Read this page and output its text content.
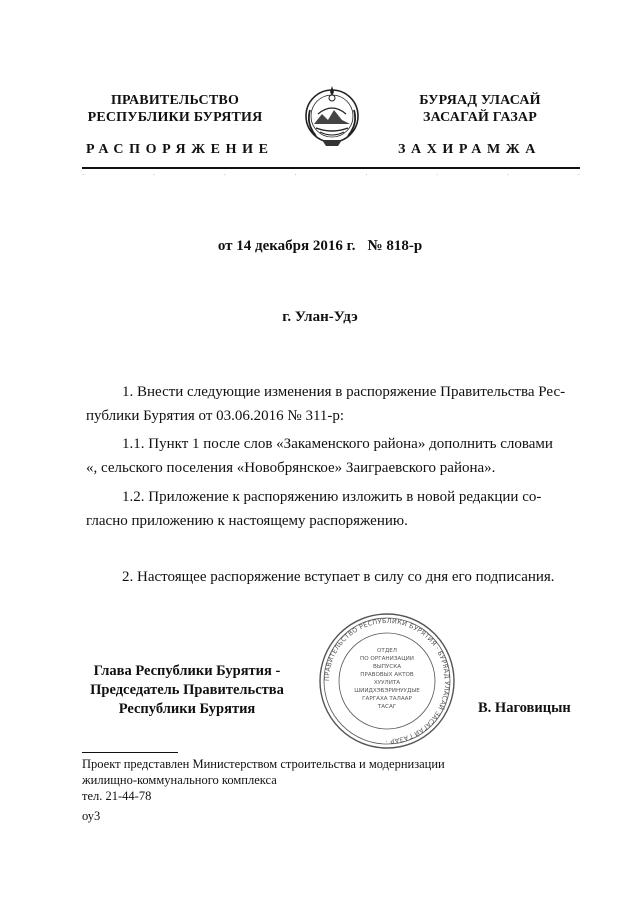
ПРАВИТЕЛЬСТВО
РЕСПУБЛИКИ БУРЯТИЯ
БУРЯАД УЛАСАЙ
ЗАСАГАЙ ГАЗАР
РАСПОРЯЖЕНИЕ	ЗАХИРАМЖА
·	·	·	·	·	·	·	·
от 14 декабря 2016 г. № 818-р
г. Улан-Удэ
1. Внести следующие изменения в распоряжение Правительства Рес-
публики Бурятия от 03.06.2016 № 311-р:
1.1. Пункт 1 после слов «Закаменского района» дополнить словами
«, сельского поселения «Новобрянское» Заиграевского района».
1.2. Приложение к распоряжению изложить в новой редакции со-
гласно приложению к настоящему распоряжению.
2. Настоящее распоряжение вступает в силу со дня его подписания.
ПРАВИТЕЛЬСТВО РЕСПУБЛИКИ БУРЯТИЯ · БУРЯАД УЛАСАЙ ЗАСАГАЙ ГАЗАР ·
ОТДЕЛ
ПО ОРГАНИЗАЦИИ
ВЫПУСКА
ПРАВОВЫХ АКТОВ
ХУУЛИТА
ШИИДХЭБЭРИНУУДЫЕ
ГАРГАХА ТАЛААР
ТАСАГ
Глава Республики Бурятия -
Председатель Правительства
Республики Бурятия	В. Наговицын
Проект представлен Министерством строительства и модернизации
жилищно-коммунального комплекса
тел. 21-44-78
оу3
